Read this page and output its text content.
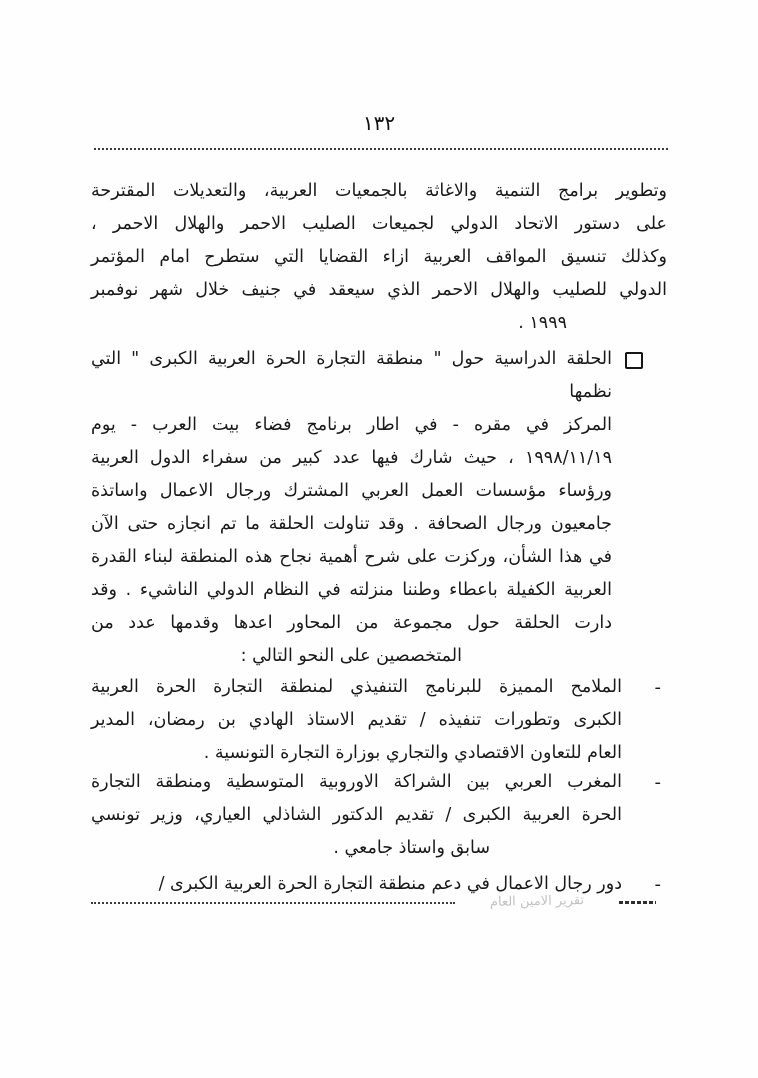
١٣٢
وتطوير برامج التنمية والاغاثة بالجمعيات العربية، والتعديلات المقترحة
على دستور الاتحاد الدولي لجميعات الصليب الاحمر والهلال الاحمر ،
وكذلك تنسيق المواقف العربية ازاء القضايا التي ستطرح امام المؤتمر
الدولي للصليب والهلال الاحمر الذي سيعقد في جنيف خلال شهر نوفمبر
١٩٩٩ .
الحلقة الدراسية حول " منطقة التجارة الحرة العربية الكبرى " التي نظمها
المركز في مقره - في اطار برنامج فضاء بيت العرب - يوم
١٩٩٨/١١/١٩ ، حيث شارك فيها عدد كبير من سفراء الدول العربية
ورؤساء مؤسسات العمل العربي المشترك ورجال الاعمال واساتذة
جامعيون ورجال الصحافة . وقد تناولت الحلقة ما تم انجازه حتى الآن
في هذا الشأن، وركزت على شرح أهمية نجاح هذه المنطقة لبناء القدرة
العربية الكفيلة باعطاء وطننا منزلته في النظام الدولي الناشيء . وقد
دارت الحلقة حول مجموعة من المحاور اعدها وقدمها عدد من
المتخصصين على النحو التالي :
-
الملامح المميزة للبرنامج التنفيذي لمنطقة التجارة الحرة العربية
الكبرى وتطورات تنفيذه / تقديم الاستاذ الهادي بن رمضان، المدير
العام للتعاون الاقتصادي والتجاري بوزارة التجارة التونسية .
-
المغرب العربي بين الشراكة الاوروبية المتوسطية ومنطقة التجارة
الحرة العربية الكبرى / تقديم الدكتور الشاذلي العياري، وزير تونسي
سابق واستاذ جامعي .
-
دور رجال الاعمال في دعم منطقة التجارة الحرة العربية الكبرى /
تقرير الامين العام
